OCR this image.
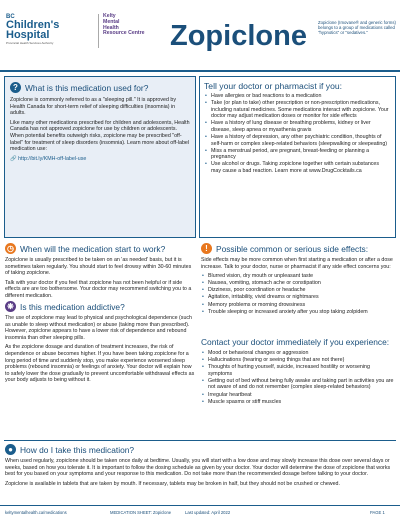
BC
Children's
Hospital
Provincial Health Services Authority
Kelty
Mental
Health
Resource Centre Zopiclone	Zopiclone (Imovane® and generic forms) belongs to a group of medications called "hypnotics" or "sedatives."
? What is this medication used for?

Zopiclone is commonly referred to as a "sleeping pill." It is approved by Health Canada for short-term relief of sleeping difficulties (insomnia) in adults.

Like many other medications prescribed for children and adolescents, Health Canada has not approved zopiclone for use by children or adolescents. When potential benefits outweigh risks, zopiclone may be prescribed "off-label" for treatment of sleep disorders (insomnia). Learn more about off-label medication use:

🔗 http://bit.ly/KMH-off-label-use

Tell your doctor or pharmacist if you:
• Have allergies or bad reactions to a medication
• Take (or plan to take) other prescription or non-prescription medications, including natural medicines. Some medications interact with zopiclone. Your doctor may adjust medication doses or monitor for side effects
• Have a history of lung disease or breathing problems, kidney or liver disease, sleep apnea or myasthenia gravis
• Have a history of depression, any other psychiatric condition, thoughts of self-harm or complex sleep-related behaviors (sleepwalking or sleepeating)
• Miss a menstrual period, are pregnant, breast-feeding or planning a pregnancy
• Use alcohol or drugs. Taking zopiclone together with certain substances may cause a bad reaction. Learn more at www.DrugCocktails.ca
◷ When will the medication start to work?

Zopiclone is usually prescribed to be taken on an 'as needed' basis, but it is sometimes taken regularly. You should start to feel drowsy within 30-60 minutes of taking zopiclone.

Talk with your doctor if you feel that zopiclone has not been helpful or if side effects are are too bothersome. Your doctor may recommend switching you to a different medication.

❋ Is this medication addictive?

The use of zopiclone may lead to physical and psychological dependence (such as unable to sleep without medication) or abuse (taking more than prescribed). However, zopiclone appears to have a lower risk of dependence and rebound insomnia than other sleeping pills.

As the zopiclone dosage and duration of treatment increases, the risk of dependence or abuse becomes higher. If you have been taking zopiclone for a long period of time and suddenly stop, you make experience worsened sleep problems (rebound insomnia) or feelings of anxiety. Your doctor will explain how to safely lower the dose gradually to prevent uncomfortable withdrawal effects as your body adjusts to being without it.

! Possible common or serious side effects:

Side effects may be more common when first starting a medication or after a dose increase. Talk to your doctor, nurse or pharmacist if any side effect concerns you:

• Blurred vision, dry mouth or unpleasant taste
• Nausea, vomiting, stomach ache or constipation
• Dizziness, poor coordination or headache
• Agitation, irritability, vivid dreams or nightmares
• Memory problems or morning drowsiness
• Trouble sleeping or increased anxiety after you stop taking zolpidem
Contact your doctor immediately if you experience:
• Mood or behavioral changes or aggression
• Hallucinations (hearing or seeing things that are not there)
• Thoughts of hurting yourself, suicide, increased hostility or worsening symptoms
• Getting out of bed without being fully awake and taking part in activities you are not aware of and do not remember (complex sleep-related behaviors)
• Irregular heartbeat
• Muscle spasms or stiff muscles
● How do I take this medication?

When used regularly, zopiclone should be taken once daily at bedtime. Usually, you will start with a low dose and may slowly increase this dose over several days or weeks, based on how you tolerate it. It is important to follow the dosing schedule as given by your doctor. Your doctor will determine the dose of zopiclone that works best for you based on your symptoms and your response to this medication. Do not take more than the recommended dosage before talking to your doctor.

Zopiclone is available in tablets that are taken by mouth. If necessary, tablets may be broken in half, but they should not be crushed or chewed.

keltymentalhealth.ca/medications	MEDICATION SHEET: Zopiclone	Last updated: April 2022	PAGE 1
